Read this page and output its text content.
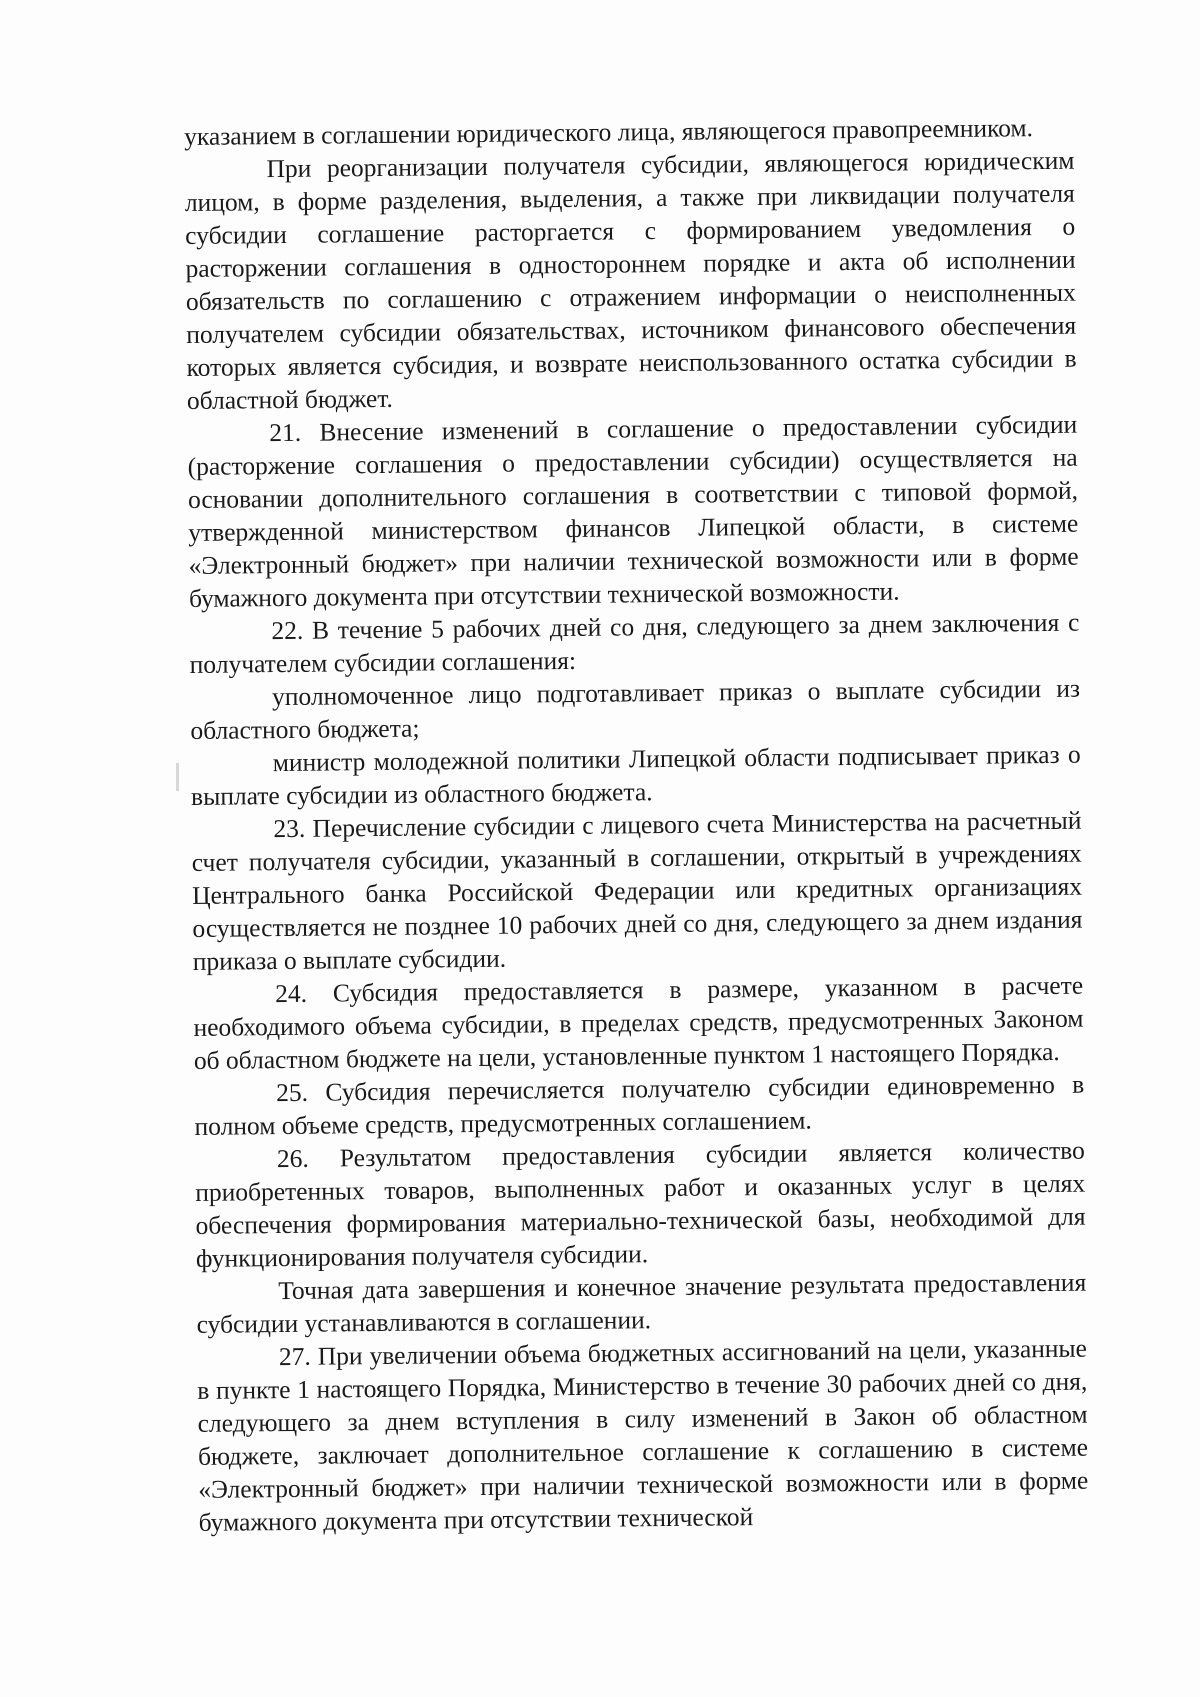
указанием в соглашении юридического лица, являющегося правопреемником.

При реорганизации получателя субсидии, являющегося юридическим лицом, в форме разделения, выделения, а также при ликвидации получателя субсидии соглашение расторгается с формированием уведомления о расторжении соглашения в одностороннем порядке и акта об исполнении обязательств по соглашению с отражением информации о неисполненных получателем субсидии обязательствах, источником финансового обеспечения которых является субсидия, и возврате неиспользованного остатка субсидии в областной бюджет.

21. Внесение изменений в соглашение о предоставлении субсидии (расторжение соглашения о предоставлении субсидии) осуществляется на основании дополнительного соглашения в соответствии с типовой формой, утвержденной министерством финансов Липецкой области, в системе «Электронный бюджет» при наличии технической возможности или в форме бумажного документа при отсутствии технической возможности.

22. В течение 5 рабочих дней со дня, следующего за днем заключения с получателем субсидии соглашения:

уполномоченное лицо подготавливает приказ о выплате субсидии из областного бюджета;

министр молодежной политики Липецкой области подписывает приказ о выплате субсидии из областного бюджета.

23. Перечисление субсидии с лицевого счета Министерства на расчетный счет получателя субсидии, указанный в соглашении, открытый в учреждениях Центрального банка Российской Федерации или кредитных организациях осуществляется не позднее 10 рабочих дней со дня, следующего за днем издания приказа о выплате субсидии.

24. Субсидия предоставляется в размере, указанном в расчете необходимого объема субсидии, в пределах средств, предусмотренных Законом об областном бюджете на цели, установленные пунктом 1 настоящего Порядка.

25. Субсидия перечисляется получателю субсидии единовременно в полном объеме средств, предусмотренных соглашением.

26. Результатом предоставления субсидии является количество приобретенных товаров, выполненных работ и оказанных услуг в целях обеспечения формирования материально-технической базы, необходимой для функционирования получателя субсидии.

Точная дата завершения и конечное значение результата предоставления субсидии устанавливаются в соглашении.

27. При увеличении объема бюджетных ассигнований на цели, указанные в пункте 1 настоящего Порядка, Министерство в течение 30 рабочих дней со дня, следующего за днем вступления в силу изменений в Закон об областном бюджете, заключает дополнительное соглашение к соглашению в системе «Электронный бюджет» при наличии технической возможности или в форме бумажного документа при отсутствии технической
